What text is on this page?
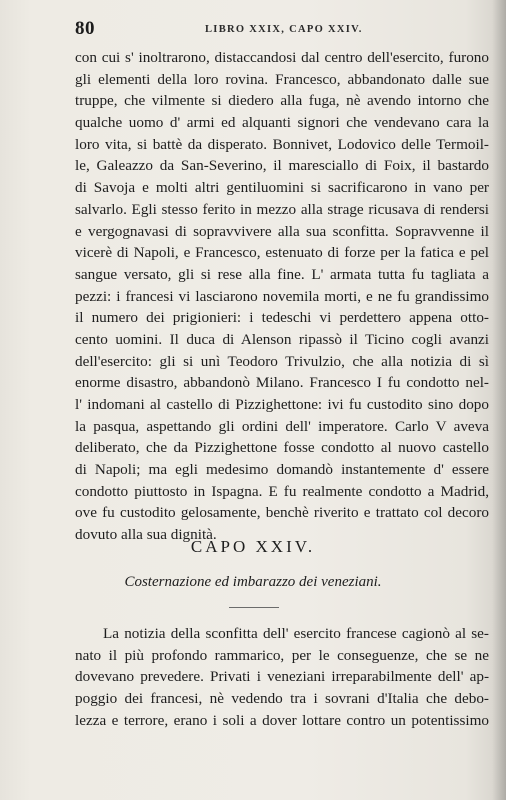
80	LIBRO XXIX, CAPO XXIV.
con cui s' inoltrarono, distaccandosi dal centro dell'esercito, furono
gli elementi della loro rovina. Francesco, abbandonato dalle sue
truppe, che vilmente si diedero alla fuga, nè avendo intorno che
qualche uomo d' armi ed alquanti signori che vendevano cara la
loro vita, si battè da disperato. Bonnivet, Lodovico delle Termoil-
le, Galeazzo da San-Severino, il maresciallo di Foix, il bastardo
di Savoja e molti altri gentiluomini si sacrificarono in vano per
salvarlo. Egli stesso ferito in mezzo alla strage ricusava di rendersi
e vergognavasi di sopravvivere alla sua sconfitta. Sopravvenne il
vicerè di Napoli, e Francesco, estenuato di forze per la fatica e pel
sangue versato, gli si rese alla fine. L' armata tutta fu tagliata a
pezzi: i francesi vi lasciarono novemila morti, e ne fu grandissimo
il numero dei prigionieri: i tedeschi vi perdettero appena otto-
cento uomini. Il duca di Alenson ripassò il Ticino cogli avanzi
dell'esercito: gli si unì Teodoro Trivulzio, che alla notizia di sì
enorme disastro, abbandonò Milano. Francesco I fu condotto nel-
l' indomani al castello di Pizzighettone: ivi fu custodito sino dopo
la pasqua, aspettando gli ordini dell' imperatore. Carlo V aveva
deliberato, che da Pizzighettone fosse condotto al nuovo castello
di Napoli; ma egli medesimo domandò instantemente d' essere
condotto piuttosto in Ispagna. E fu realmente condotto a Madrid,
ove fu custodito gelosamente, benchè riverito e trattato col decoro
dovuto alla sua dignità.
CAPO XXIV.
Costernazione ed imbarazzo dei veneziani.
La notizia della sconfitta dell' esercito francese cagionò al se-
nato il più profondo rammarico, per le conseguenze, che se ne
dovevano prevedere. Privati i veneziani irreparabilmente dell' ap-
poggio dei francesi, nè vedendo tra i sovrani d'Italia che debo-
lezza e terrore, erano i soli a dover lottare contro un potentissimo
